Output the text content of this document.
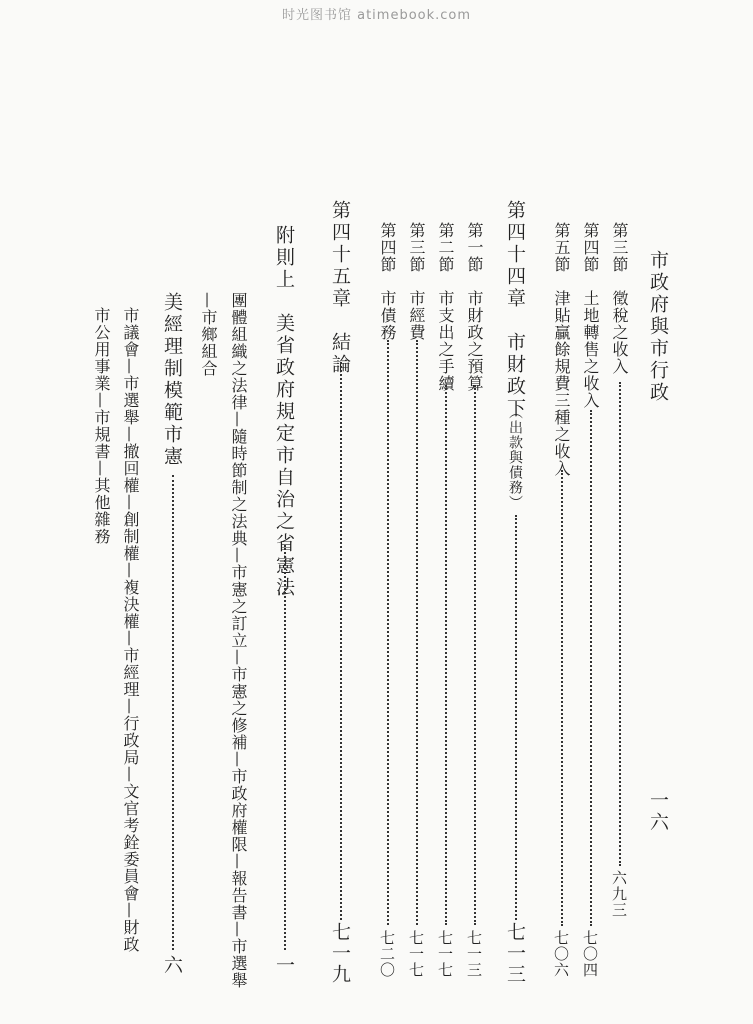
时光图书馆 atimebook.com
市政府與市行政
一六
第三節　徵稅之收入
六九三
第四節　土地轉售之收入
七〇四
第五節　津貼贏餘規費三種之收入
七〇六
第四十四章　市財政下
（出款與債務）
七一三
第一節　市財政之預算
七一三
第二節　市支出之手續
七一七
第三節　市經費
七一七
第四節　市債務
七二〇
第四十五章　結論
七一九
附則上　美省政府規定市自治之省憲法
一
團體組織之法律—隨時節制之法典—市憲之訂立—市憲之修補—市政府權限—報告書—市選舉
—市鄉組合
美經理制模範市憲
六
市議會—市選舉—撤回權—創制權—複決權—市經理—行政局—文官考銓委員會—財政
市公用事業—市規書—其他雜務
